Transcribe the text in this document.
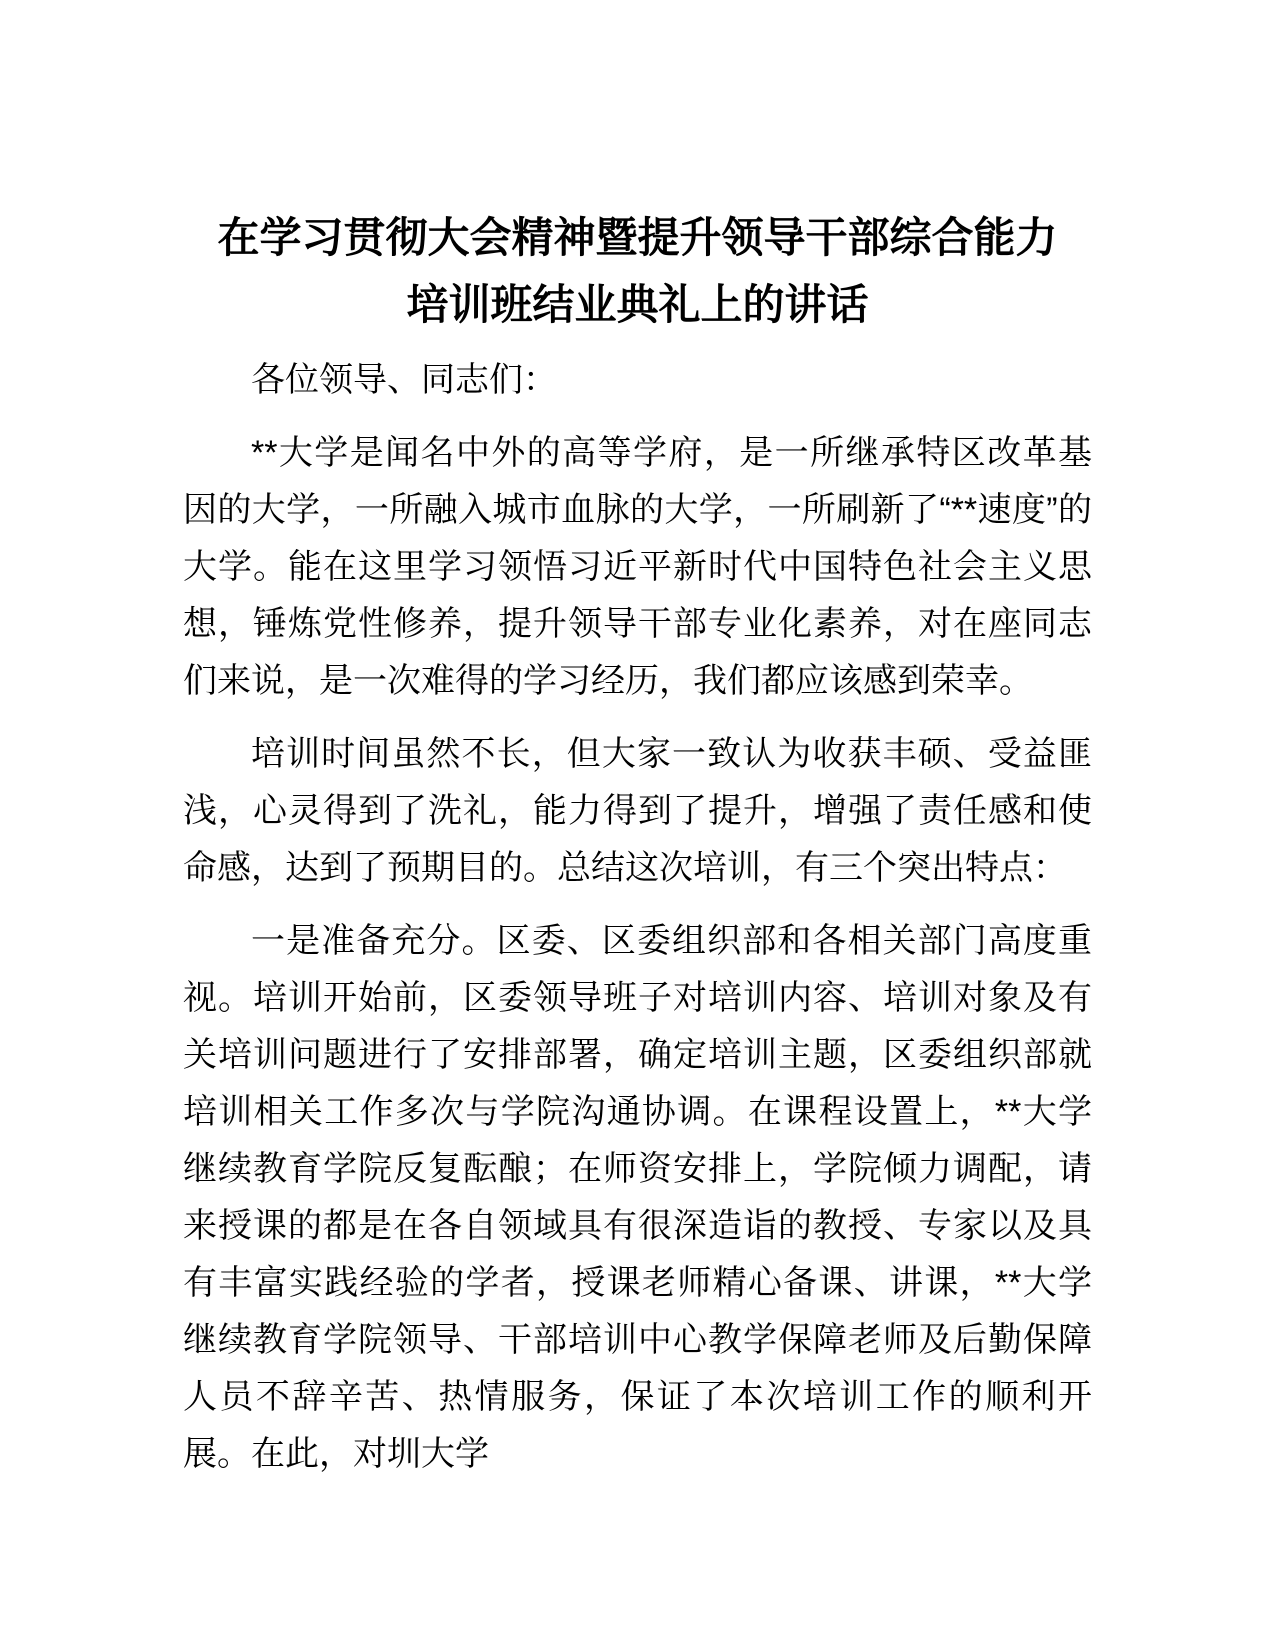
在学习贯彻大会精神暨提升领导干部综合能力
培训班结业典礼上的讲话

各位领导、同志们：

**大学是闻名中外的高等学府，是一所继承特区改革基因的大学，一所融入城市血脉的大学，一所刷新了“**速度”的大学。能在这里学习领悟习近平新时代中国特色社会主义思想，锤炼党性修养，提升领导干部专业化素养，对在座同志们来说，是一次难得的学习经历，我们都应该感到荣幸。

培训时间虽然不长，但大家一致认为收获丰硕、受益匪浅，心灵得到了洗礼，能力得到了提升，增强了责任感和使命感，达到了预期目的。总结这次培训，有三个突出特点：

一是准备充分。区委、区委组织部和各相关部门高度重视。培训开始前，区委领导班子对培训内容、培训对象及有关培训问题进行了安排部署，确定培训主题，区委组织部就培训相关工作多次与学院沟通协调。在课程设置上，**大学继续教育学院反复酝酿；在师资安排上，学院倾力调配，请来授课的都是在各自领域具有很深造诣的教授、专家以及具有丰富实践经验的学者，授课老师精心备课、讲课，**大学继续教育学院领导、干部培训中心教学保障老师及后勤保障人员不辞辛苦、热情服务，保证了本次培训工作的顺利开展。在此，对圳大学
